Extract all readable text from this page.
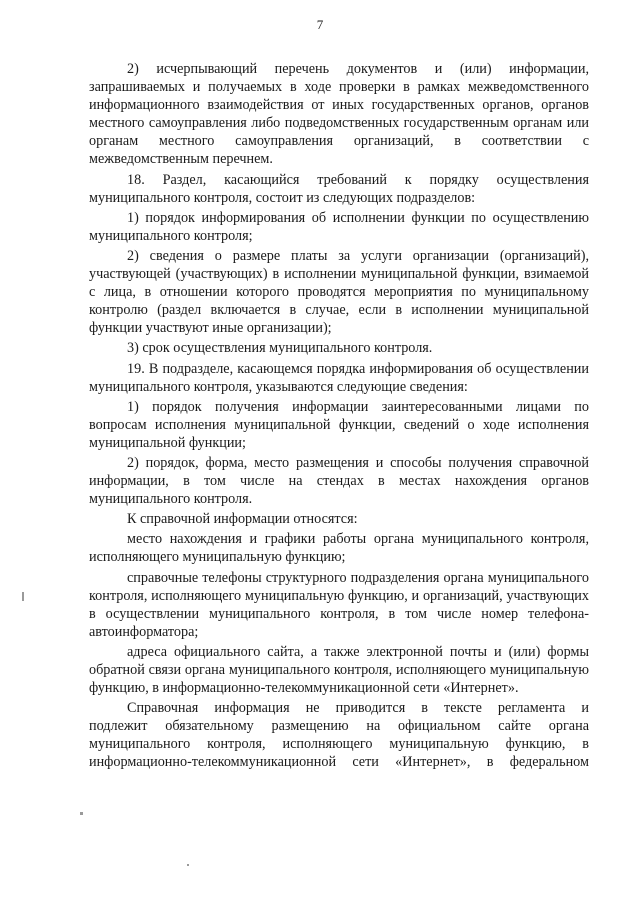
7

2) исчерпывающий перечень документов и (или) информации, запрашиваемых и получаемых в ходе проверки в рамках межведомственного информационного взаимодействия от иных государственных органов, органов местного самоуправления либо подведомственных государственным органам или органам местного самоуправления организаций, в соответствии с межведомственным перечнем.

18. Раздел, касающийся требований к порядку осуществления муниципального контроля, состоит из следующих подразделов:

1) порядок информирования об исполнении функции по осуществлению муниципального контроля;

2) сведения о размере платы за услуги организации (организаций), участвующей (участвующих) в исполнении муниципальной функции, взимаемой с лица, в отношении которого проводятся мероприятия по муниципальному контролю (раздел включается в случае, если в исполнении муниципальной функции участвуют иные организации);

3) срок осуществления муниципального контроля.

19. В подразделе, касающемся порядка информирования об осуществлении муниципального контроля, указываются следующие сведения:

1) порядок получения информации заинтересованными лицами по вопросам исполнения муниципальной функции, сведений о ходе исполнения муниципальной функции;

2) порядок, форма, место размещения и способы получения справочной информации, в том числе на стендах в местах нахождения органов муниципального контроля.

К справочной информации относятся:

место нахождения и графики работы органа муниципального контроля, исполняющего муниципальную функцию;

справочные телефоны структурного подразделения органа муниципального контроля, исполняющего муниципальную функцию, и организаций, участвующих в осуществлении муниципального контроля, в том числе номер телефона-автоинформатора;

адреса официального сайта, а также электронной почты и (или) формы обратной связи органа муниципального контроля, исполняющего муниципальную функцию, в информационно-телекоммуникационной сети «Интернет».

Справочная информация не приводится в тексте регламента и
подлежит обязательному размещению на официальном сайте органа
муниципального контроля, исполняющего муниципальную функцию, в
информационно-телекоммуникационной сети «Интернет», в федеральном
